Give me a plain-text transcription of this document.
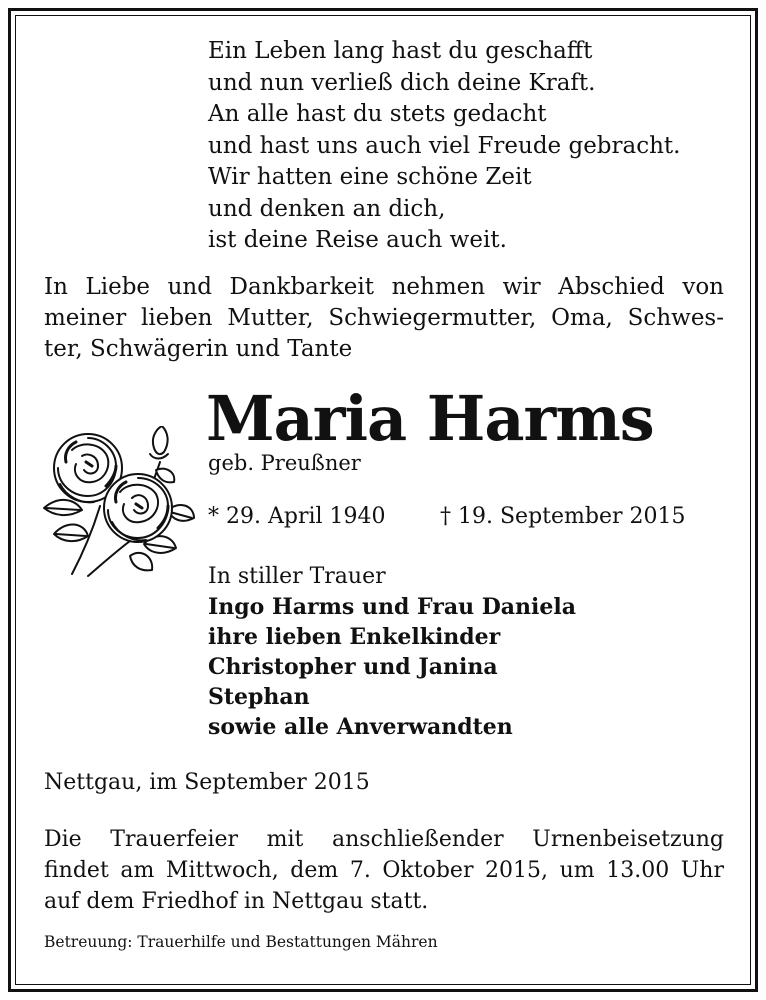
Ein Leben lang hast du geschafft
und nun verließ dich deine Kraft.
An alle hast du stets gedacht
und hast uns auch viel Freude gebracht.
Wir hatten eine schöne Zeit
und denken an dich,
ist deine Reise auch weit.

In Liebe und Dankbarkeit nehmen wir Abschied von
meiner lieben Mutter, Schwiegermutter, Oma, Schwes-
ter, Schwägerin und Tante

Maria Harms
geb. Preußner
* 29. April 1940 † 19. September 2015
In stiller Trauer
Ingo Harms und Frau Daniela
ihre lieben Enkelkinder
Christopher und Janina
Stephan
sowie alle Anverwandten
Nettgau, im September 2015

Die Trauerfeier mit anschließender Urnenbeisetzung
findet am Mittwoch, dem 7. Oktober 2015, um 13.00 Uhr
auf dem Friedhof in Nettgau statt.

Betreuung: Trauerhilfe und Bestattungen Mähren
